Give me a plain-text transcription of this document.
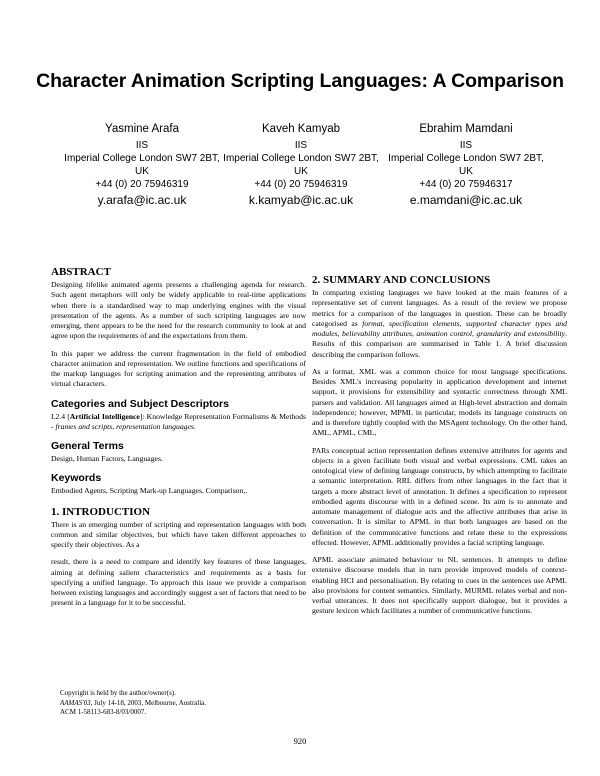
Character Animation Scripting Languages: A Comparison
Yasmine Arafa
IIS
Imperial College London SW7 2BT,
UK
+44 (0) 20 75946319
y.arafa@ic.ac.uk
Kaveh Kamyab
IIS
Imperial College London SW7 2BT,
UK
+44 (0) 20 75946319
k.kamyab@ic.ac.uk
Ebrahim Mamdani
IIS
Imperial College London SW7 2BT,
UK
+44 (0) 20 75946317
e.mamdani@ic.ac.uk
ABSTRACT

Designing lifelike animated agents presents a challenging agenda for research. Such agent metaphors will only be widely applicable to real-time applications when there is a standardised way to map underlying engines with the visual presentation of the agents. As a number of such scripting languages are now emerging, there appears to be the need for the research community to look at and agree upon the requirements of and the expectations from them.

In this paper we address the current fragmentation in the field of embodied character animation and representation. We outline functions and specifications of the markup languages for scripting animation and the representing attributes of virtual characters.

Categories and Subject Descriptors

I.2.4 [Artificial Intelligence]: Knowledge Representation Formalisms & Methods - frames and scripts, representation languages.

General Terms

Design, Human Factors, Languages.

Keywords

Embodied Agents, Scripting Mark-up Languages, Comparison,.

1. INTRODUCTION

There is an emerging number of scripting and representation languages with both common and similar objectives, but which have taken different approaches to specify their objectives. As a

result, there is a need to compare and identify key features of these languages, aiming at defining salient characteristics and requirements as a basis for specifying a unified language. To approach this issue we provide a comparison between existing languages and accordingly suggest a set of factors that need to be present in a language for it to be successful.

Copyright is held by the author/owner(s).
AAMAS'03, July 14-18, 2003, Melbourne, Australia.
ACM 1-58113-683-8/03/0007.
2. SUMMARY AND CONCLUSIONS

In comparing existing languages we have looked at the main features of a representative set of current languages. As a result of the review we propose metrics for a comparison of the languages in question. These can be broadly categorised as format, specification elements, supported character types and modules, believability attributes, animation control, granularity and extensibility. Results of this comparison are summarised in Table 1. A brief discussion describing the comparison follows.

As a format, XML was a common choice for most language specifications. Besides XML's increasing popularity in application development and internet support, it provisions for extensibility and syntactic correctness through XML parsers and validation. All languages aimed at High-level abstraction and domain independence; however, MPML in particular, models its language constructs on and is therefore tightly coupled with the MSAgent technology. On the other hand, AML, APML, CML,

PARs conceptual action representation defines extensive attributes for agents and objects in a given facilitate both visual and verbal expressions. CML takes an ontological view of defining language constructs, by which attempting to facilitate a semantic interpretation. RRL differs from other languages in the fact that it targets a more abstract level of annotation. It defines a specification to represent embodied agents discourse with in a defined scene. Its aim is to annotate and automate management of dialogue acts and the affective attributes that arise in conversation. It is similar to APML in that both languages are based on the definition of the communicative functions and relate these to the expressions effected. However, APML additionally provides a facial scripting language.

APML associate animated behaviour to NL sentences. It attempts to define extensive discourse models that in turn provide improved models of context-enabling HCI and personalisation. By relating to cues in the sentences use APML also provisions for content semantics. Similarly, MURML relates verbal and non-verbal utterances. It does not specifically support dialogue, but it provides a gesture lexicon which facilitates a number of communicative functions.

920
